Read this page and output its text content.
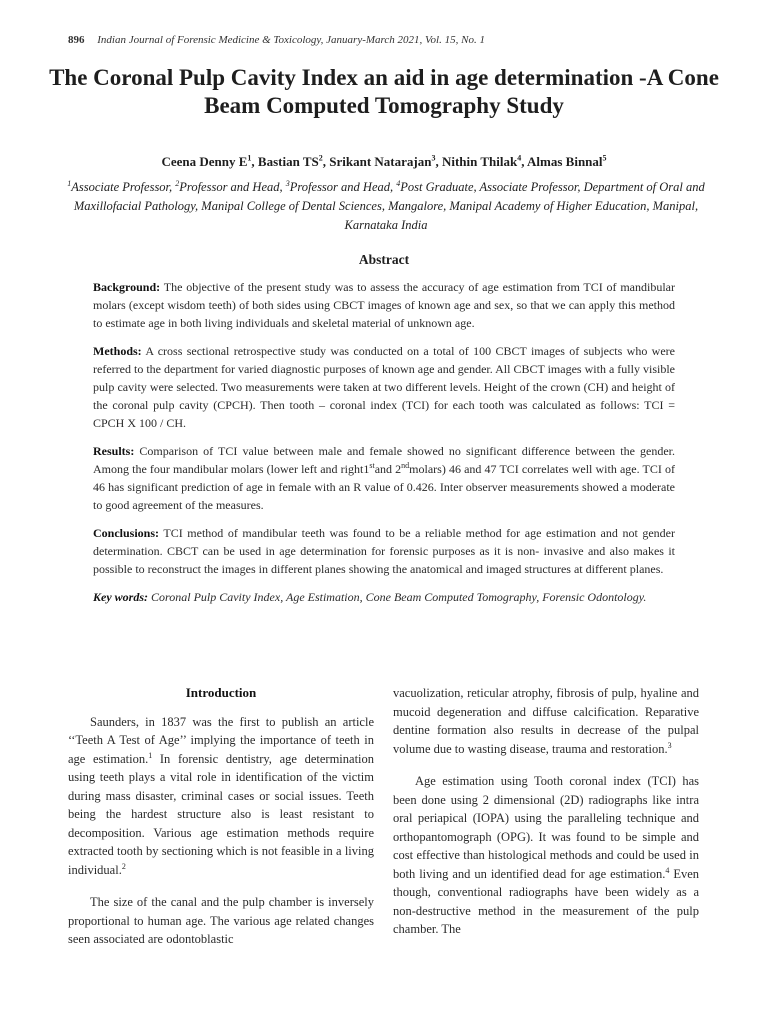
896 Indian Journal of Forensic Medicine & Toxicology, January-March 2021, Vol. 15, No. 1
The Coronal Pulp Cavity Index an aid in age determination -A Cone Beam Computed Tomography Study
Ceena Denny $E^1$, Bastian $TS^2$, Srikant Natarajan$^3$, Nithin Thilak$^4$, Almas Binnal$^5$
$^1$Associate Professor, $^2$Professor and Head, $^3$Professor and Head, $^4$Post Graduate, Associate Professor, Department of Oral and Maxillofacial Pathology, Manipal College of Dental Sciences, Mangalore, Manipal Academy of Higher Education, Manipal, Karnataka India
Abstract

Background: The objective of the present study was to assess the accuracy of age estimation from TCI of mandibular molars (except wisdom teeth) of both sides using CBCT images of known age and sex, so that we can apply this method to estimate age in both living individuals and skeletal material of unknown age.

Methods: A cross sectional retrospective study was conducted on a total of 100 CBCT images of subjects who were referred to the department for varied diagnostic purposes of known age and gender. All CBCT images with a fully visible pulp cavity were selected. Two measurements were taken at two different levels. Height of the crown (CH) and height of the coronal pulp cavity (CPCH). Then tooth – coronal index (TCI) for each tooth was calculated as follows: TCI = CPCH X 100 / CH.

Results: Comparison of TCI value between male and female showed no significant difference between the gender. Among the four mandibular molars (lower left and right1stand 2ndmolars) 46 and 47 TCI correlates well with age. TCI of 46 has significant prediction of age in female with an R value of 0.426. Inter observer measurements showed a moderate to good agreement of the measures.

Conclusions: TCI method of mandibular teeth was found to be a reliable method for age estimation and not gender determination. CBCT can be used in age determination for forensic purposes as it is non- invasive and also makes it possible to reconstruct the images in different planes showing the anatomical and imaged structures at different planes.

Key words: Coronal Pulp Cavity Index, Age Estimation, Cone Beam Computed Tomography, Forensic Odontology.

Introduction

Saunders, in 1837 was the first to publish an article ‘‘Teeth A Test of Age’’ implying the importance of teeth in age estimation.$^1$ In forensic dentistry, age determination using teeth plays a vital role in identification of the victim during mass disaster, criminal cases or social issues. Teeth being the hardest structure also is least resistant to decomposition. Various age estimation methods require extracted tooth by sectioning which is not feasible in a living individual.$^2$

The size of the canal and the pulp chamber is inversely proportional to human age. The various age related changes seen associated are odontoblastic

vacuolization, reticular atrophy, fibrosis of pulp, hyaline and mucoid degeneration and diffuse calcification. Reparative dentine formation also results in decrease of the pulpal volume due to wasting disease, trauma and restoration.$^3$

Age estimation using Tooth coronal index (TCI) has been done using 2 dimensional (2D) radiographs like intra oral periapical (IOPA) using the paralleling technique and orthopantomograph (OPG). It was found to be simple and cost effective than histological methods and could be used in both living and un identified dead for age estimation.$^4$ Even though, conventional radiographs have been widely as a non-destructive method in the measurement of the pulp chamber. The
